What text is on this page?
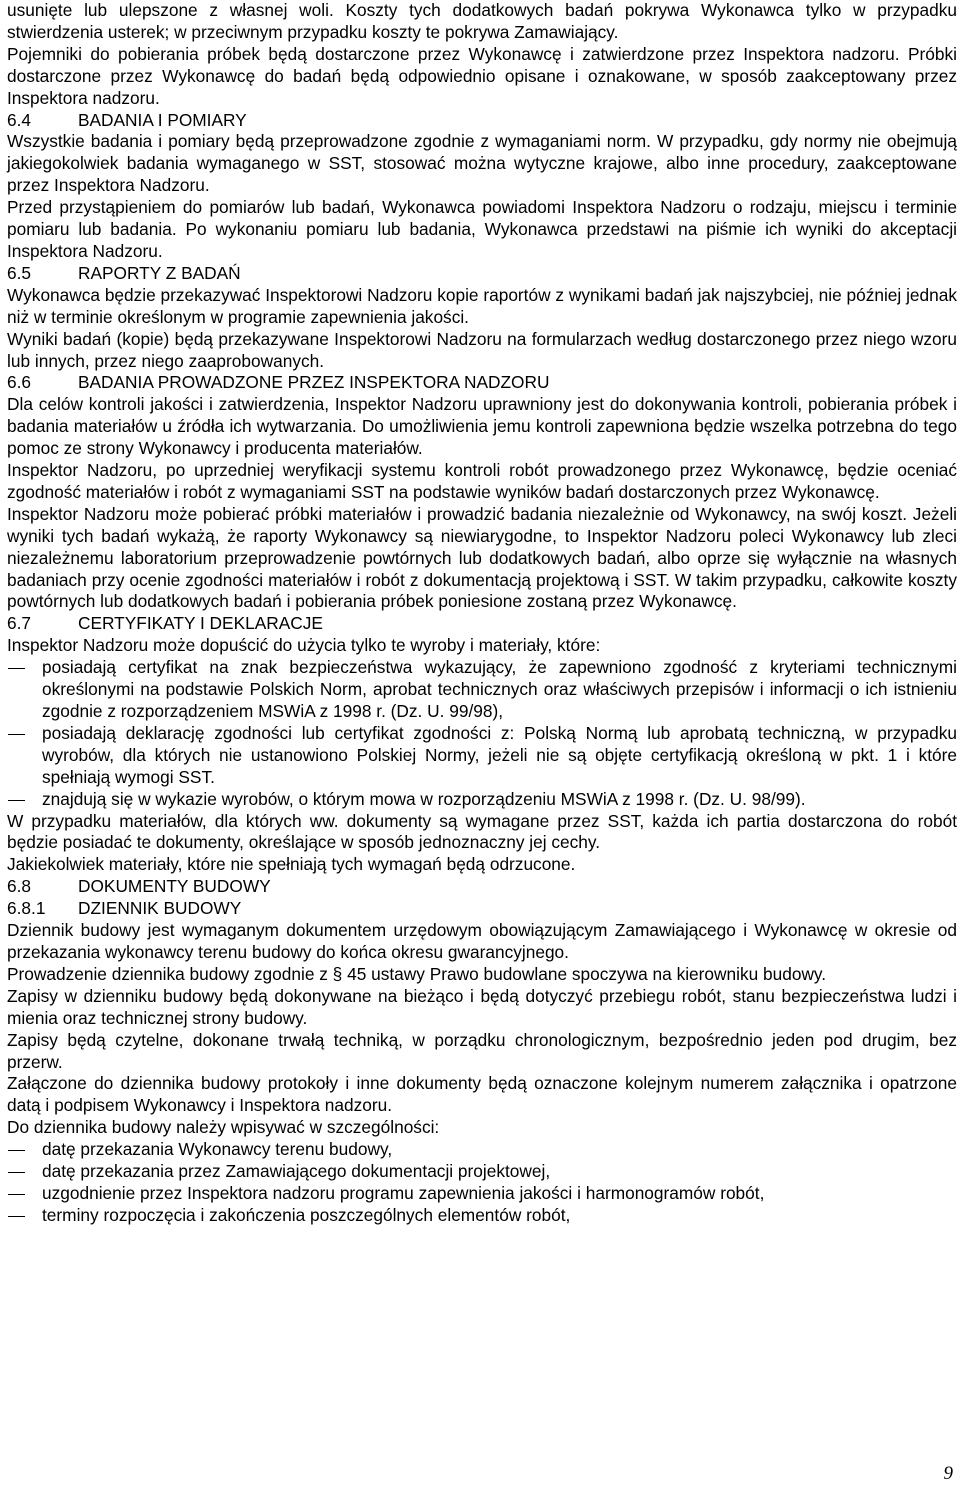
usunięte lub ulepszone z własnej woli. Koszty tych dodatkowych badań pokrywa Wykonawca tylko w przypadku stwierdzenia usterek; w przeciwnym przypadku koszty te pokrywa Zamawiający.

Pojemniki do pobierania próbek będą dostarczone przez Wykonawcę i zatwierdzone przez Inspektora nadzoru. Próbki dostarczone przez Wykonawcę do badań będą odpowiednio opisane i oznakowane, w sposób zaakceptowany przez Inspektora nadzoru.

6.4	BADANIA I POMIARY

Wszystkie badania i pomiary będą przeprowadzone zgodnie z wymaganiami norm. W przypadku, gdy normy nie obejmują jakiegokolwiek badania wymaganego w SST, stosować można wytyczne krajowe, albo inne procedury, zaakceptowane przez Inspektora Nadzoru.

Przed przystąpieniem do pomiarów lub badań, Wykonawca powiadomi Inspektora Nadzoru o rodzaju, miejscu i terminie pomiaru lub badania. Po wykonaniu pomiaru lub badania, Wykonawca przedstawi na piśmie ich wyniki do akceptacji Inspektora Nadzoru.

6.5	RAPORTY Z BADAŃ

Wykonawca będzie przekazywać Inspektorowi Nadzoru kopie raportów z wynikami badań jak najszybciej, nie później jednak niż w terminie określonym w programie zapewnienia jakości.

Wyniki badań (kopie) będą przekazywane Inspektorowi Nadzoru na formularzach według dostarczonego przez niego wzoru lub innych, przez niego zaaprobowanych.

6.6	BADANIA PROWADZONE PRZEZ INSPEKTORA NADZORU

Dla celów kontroli jakości i zatwierdzenia, Inspektor Nadzoru uprawniony jest do dokonywania kontroli, pobierania próbek i badania materiałów u źródła ich wytwarzania. Do umożliwienia jemu kontroli zapewniona będzie wszelka potrzebna do tego pomoc ze strony Wykonawcy i producenta materiałów.

Inspektor Nadzoru, po uprzedniej weryfikacji systemu kontroli robót prowadzonego przez Wykonawcę, będzie oceniać zgodność materiałów i robót z wymaganiami SST na podstawie wyników badań dostarczonych przez Wykonawcę.

Inspektor Nadzoru może pobierać próbki materiałów i prowadzić badania niezależnie od Wykonawcy, na swój koszt. Jeżeli wyniki tych badań wykażą, że raporty Wykonawcy są niewiarygodne, to Inspektor Nadzoru poleci Wykonawcy lub zleci niezależnemu laboratorium przeprowadzenie powtórnych lub dodatkowych badań, albo oprze się wyłącznie na własnych badaniach przy ocenie zgodności materiałów i robót z dokumentacją projektową i SST. W takim przypadku, całkowite koszty powtórnych lub dodatkowych badań i pobierania próbek poniesione zostaną przez Wykonawcę.

6.7	CERTYFIKATY I DEKLARACJE

Inspektor Nadzoru może dopuścić do użycia tylko te wyroby i materiały, które:

posiadają certyfikat na znak bezpieczeństwa wykazujący, że zapewniono zgodność z kryteriami technicznymi określonymi na podstawie Polskich Norm, aprobat technicznych oraz właściwych przepisów i informacji o ich istnieniu zgodnie z rozporządzeniem MSWiA z 1998 r. (Dz. U. 99/98),
posiadają deklarację zgodności lub certyfikat zgodności z: Polską Normą lub aprobatą techniczną, w przypadku wyrobów, dla których nie ustanowiono Polskiej Normy, jeżeli nie są objęte certyfikacją określoną w pkt. 1 i które spełniają wymogi SST.
znajdują się w wykazie wyrobów, o którym mowa w rozporządzeniu MSWiA z 1998 r. (Dz. U. 98/99).

W przypadku materiałów, dla których ww. dokumenty są wymagane przez SST, każda ich partia dostarczona do robót będzie posiadać te dokumenty, określające w sposób jednoznaczny jej cechy.

Jakiekolwiek materiały, które nie spełniają tych wymagań będą odrzucone.

6.8	DOKUMENTY BUDOWY

6.8.1 DZIENNIK BUDOWY

Dziennik budowy jest wymaganym dokumentem urzędowym obowiązującym Zamawiającego i Wykonawcę w okresie od przekazania wykonawcy terenu budowy do końca okresu gwarancyjnego.

Prowadzenie dziennika budowy zgodnie z § 45 ustawy Prawo budowlane spoczywa na kierowniku budowy.

Zapisy w dzienniku budowy będą dokonywane na bieżąco i będą dotyczyć przebiegu robót, stanu bezpieczeństwa ludzi i mienia oraz technicznej strony budowy.

Zapisy będą czytelne, dokonane trwałą techniką, w porządku chronologicznym, bezpośrednio jeden pod drugim, bez przerw.

Załączone do dziennika budowy protokoły i inne dokumenty będą oznaczone kolejnym numerem załącznika i opatrzone datą i podpisem Wykonawcy i Inspektora nadzoru.

Do dziennika budowy należy wpisywać w szczególności:

datę przekazania Wykonawcy terenu budowy,
datę przekazania przez Zamawiającego dokumentacji projektowej,
uzgodnienie przez Inspektora nadzoru programu zapewnienia jakości i harmonogramów robót,
terminy rozpoczęcia i zakończenia poszczególnych elementów robót,
9
